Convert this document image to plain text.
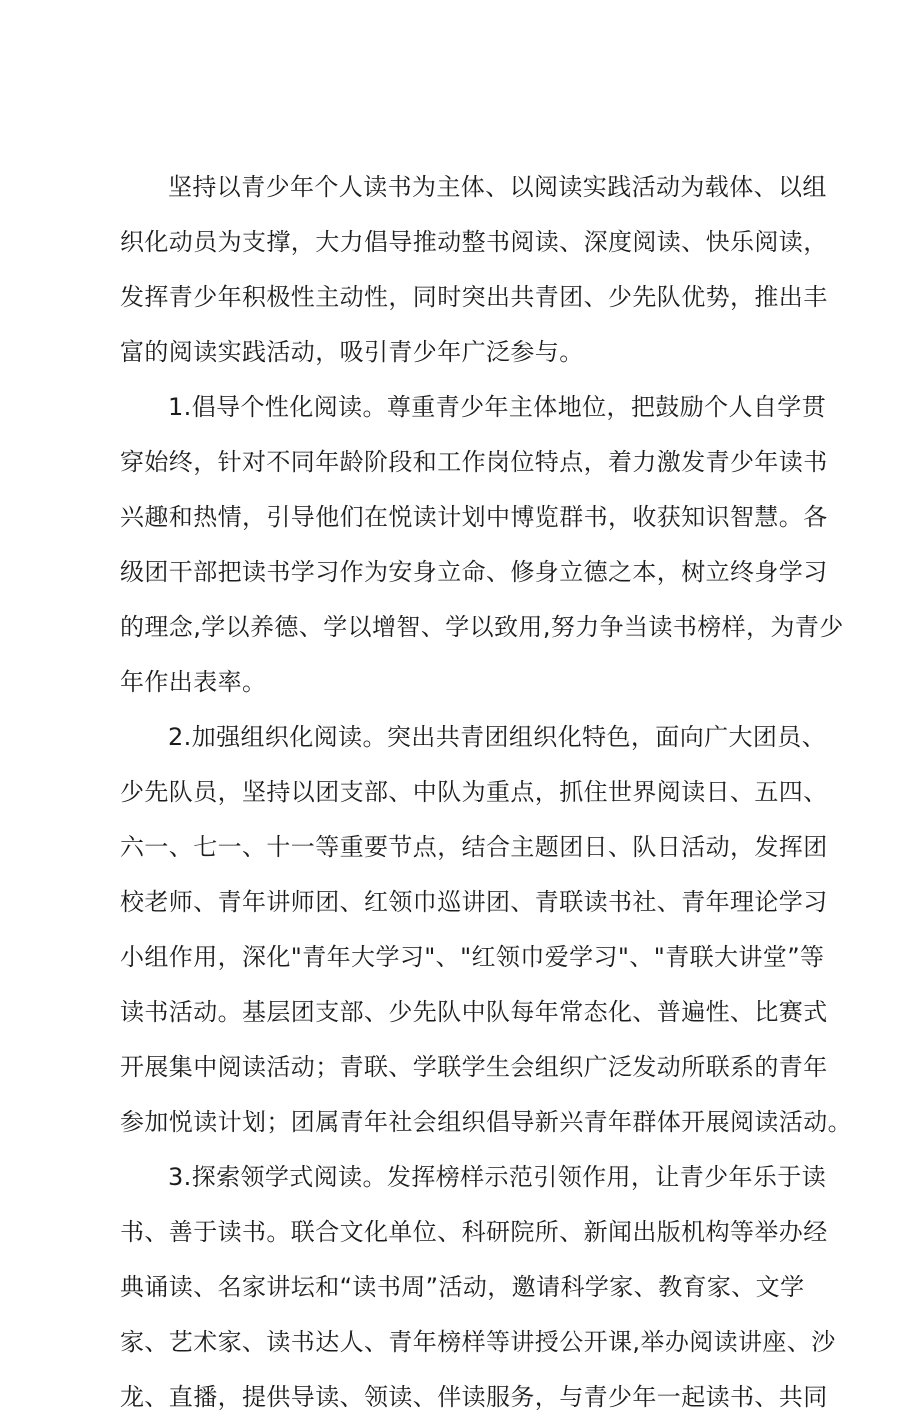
坚持以青少年个人读书为主体、以阅读实践活动为载体、以组
织化动员为支撑，大力倡导推动整书阅读、深度阅读、快乐阅读，
发挥青少年积极性主动性，同时突出共青团、少先队优势，推出丰
富的阅读实践活动，吸引青少年广泛参与。
1.倡导个性化阅读。尊重青少年主体地位，把鼓励个人自学贯
穿始终，针对不同年龄阶段和工作岗位特点，着力激发青少年读书
兴趣和热情，引导他们在悦读计划中博览群书，收获知识智慧。各
级团干部把读书学习作为安身立命、修身立德之本，树立终身学习
的理念,学以养德、学以增智、学以致用,努力争当读书榜样，为青少
年作出表率。
2.加强组织化阅读。突出共青团组织化特色，面向广大团员、
少先队员，坚持以团支部、中队为重点，抓住世界阅读日、五四、
六一、七一、十一等重要节点，结合主题团日、队日活动，发挥团
校老师、青年讲师团、红领巾巡讲团、青联读书社、青年理论学习
小组作用，深化"青年大学习"、"红领巾爱学习"、"青联大讲堂”等
读书活动。基层团支部、少先队中队每年常态化、普遍性、比赛式
开展集中阅读活动；青联、学联学生会组织广泛发动所联系的青年
参加悦读计划；团属青年社会组织倡导新兴青年群体开展阅读活动。
3.探索领学式阅读。发挥榜样示范引领作用，让青少年乐于读
书、善于读书。联合文化单位、科研院所、新闻出版机构等举办经
典诵读、名家讲坛和“读书周”活动，邀请科学家、教育家、文学
家、艺术家、读书达人、青年榜样等讲授公开课,举办阅读讲座、沙
龙、直播，提供导读、领读、伴读服务，与青少年一起读书、共同
